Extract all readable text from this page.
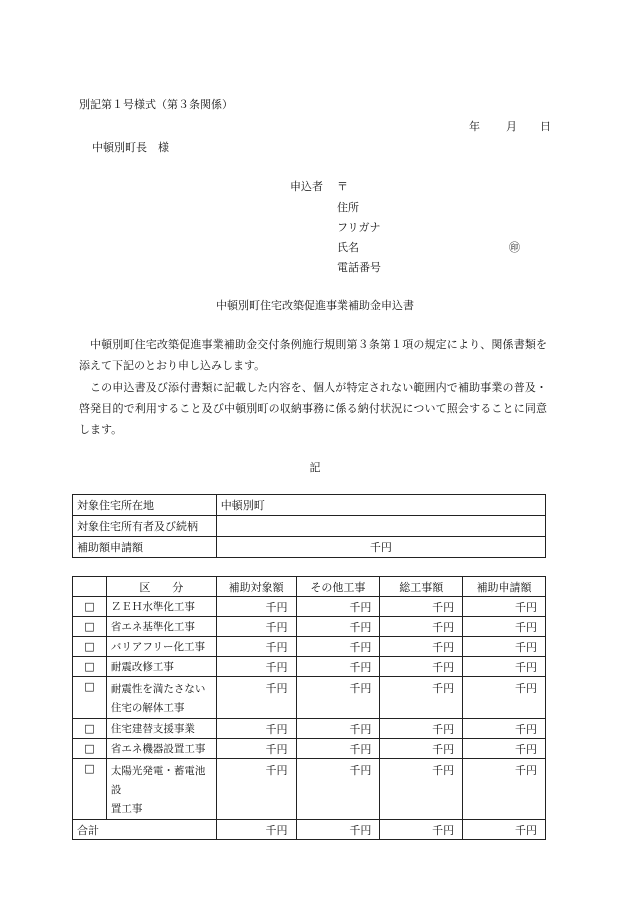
別記第１号様式（第３条関係）
年 月 日
中頓別町長　様
申込者 〒
住所
フリガナ
氏名	㊞
電話番号
中頓別町住宅改築促進事業補助金申込書
中頓別町住宅改築促進事業補助金交付条例施行規則第３条第１項の規定により、関係書類を添えて下記のとおり申し込みします。
この申込書及び添付書類に記載した内容を、個人が特定されない範囲内で補助事業の普及・啓発目的で利用すること及び中頓別町の収納事務に係る納付状況について照会することに同意します。
記
対象住宅所在地	中頓別町
対象住宅所有者及び続柄	
補助額申請額	千円
	区　　分	補助対象額	その他工事	総工事額	補助申請額
□	ＺＥＨ水準化工事	千円	千円	千円	千円
□	省エネ基準化工事	千円	千円	千円	千円
□	バリアフリー化工事	千円	千円	千円	千円
□	耐震改修工事	千円	千円	千円	千円
□	耐震性を満たさない
住宅の解体工事	千円	千円	千円	千円
□	住宅建替支援事業	千円	千円	千円	千円
□	省エネ機器設置工事	千円	千円	千円	千円
□	太陽光発電・蓄電池設
置工事	千円	千円	千円	千円
合計		千円	千円	千円	千円
